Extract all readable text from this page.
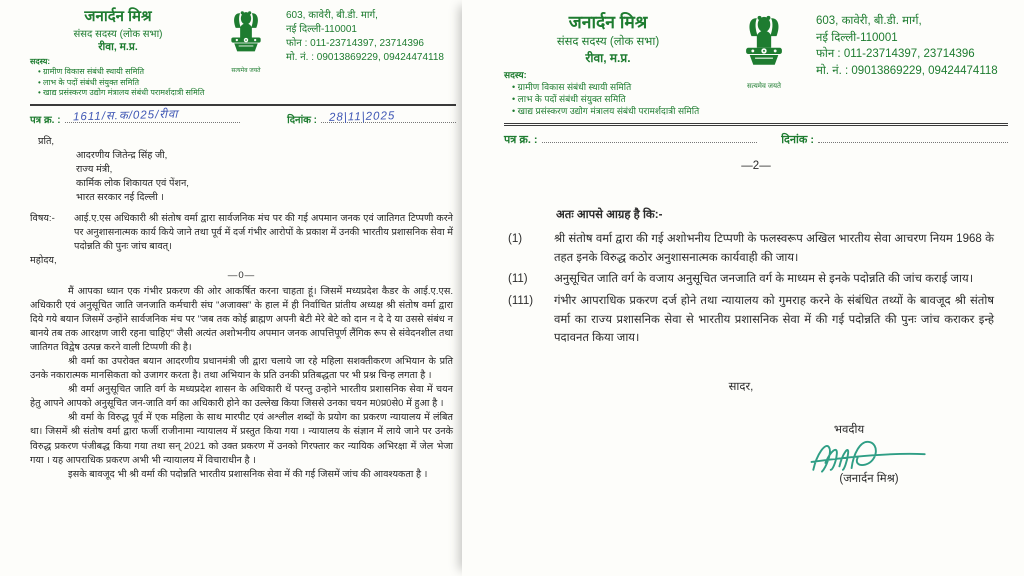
जनार्दन मिश्र
संसद सदस्य (लोक सभा)
रीवा, म.प्र.
सदस्य:
• ग्रामीण विकास संबंधी स्थायी समिति
• लाभ के पदों संबंधी संयुक्त समिति
• खाद्य प्रसंस्करण उद्योग मंत्रालय संबंधी परामर्शदात्री समिति
सत्यमेव जयते
603, कावेरी, बी.डी. मार्ग,
नई दिल्ली-110001
फोन : 011-23714397, 23714396
मो. नं. : 09013869229, 09424474118
पत्र क्र. : 1611/स.क/025/रीवा	दिनांक : 28|11|2025
प्रति,
आदरणीय जितेन्द्र सिंह जी,
राज्य मंत्री,
कार्मिक लोक शिकायत एवं पेंशन,
भारत सरकार नई दिल्ली ।
विषय:-	आई.ए.एस अधिकारी श्री संतोष वर्मा द्वारा सार्वजनिक मंच पर की गई अपमान जनक एवं जातिगत टिप्पणी करने पर अनुशासनात्मक कार्य किये जाने तथा पूर्व में दर्ज गंभीर आरोपों के प्रकाश में उनकी भारतीय प्रशासनिक सेवा में पदोन्नति की पुनः जांच बावत्।
महोदय,
—0—

मैं आपका ध्यान एक गंभीर प्रकरण की ओर आकर्षित करना चाहता हूं। जिसमें मध्यप्रदेश कैडर के आई.ए.एस. अधिकारी एवं अनुसूचित जाति जनजाति कर्मचारी संघ "अजाक्स" के हाल में ही निर्वाचित प्रांतीय अध्यक्ष श्री संतोष वर्मा द्वारा दिये गये बयान जिसमें उन्होंने सार्वजनिक मंच पर "जब तक कोई ब्राह्मण अपनी बेटी मेरे बेटे को दान न दे दे या उससे संबंध न बानये तब तक आरक्षण जारी रहना चाहिए" जैसी अत्यंत अशोभनीय अपमान जनक आपत्तिपूर्ण लैंगिक रूप से संवेदनशील तथा जातिगत विद्वेष उत्पन्न करने वाली टिप्पणी की है।

श्री वर्मा का उपरोक्त बयान आदरणीय प्रधानमंत्री जी द्वारा चलाये जा रहे महिला सशक्तीकरण अभियान के प्रति उनके नकारात्मक मानसिकता को उजागर करता है। तथा अभियान के प्रति उनकी प्रतिबद्धता पर भी प्रश्न चिन्ह लगता है ।

श्री वर्मा अनुसूचित जाति वर्ग के मध्यप्रदेश शासन के अधिकारी थें परन्तु उन्होने भारतीय प्रशासनिक सेवा में चयन हेतु आपने आपको अनुसूचित जन-जाति वर्ग का अधिकारी होने का उल्लेख किया जिससे उनका चयन म0प्र0से0 में हुआ है ।

श्री वर्मा के विरुद्ध पूर्व में एक महिला के साथ मारपीट एवं अश्लील शब्दों के प्रयोग का प्रकरण न्यायालय में लंबित था। जिसमें श्री संतोष वर्मा द्वारा फर्जी राजीनामा न्यायालय में प्रस्तुत किया गया । न्यायालय के संज्ञान में लाये जाने पर उनके विरुद्ध प्रकरण पंजीबद्ध किया गया तथा सन् 2021 को उक्त प्रकरण में उनको गिरफ्तार कर न्यायिक अभिरक्षा में जेल भेजा गया । यह आपराधिक प्रकरण अभी भी न्यायालय में विचाराधीन है ।

इसके बावजूद भी श्री वर्मा की पदोन्नति भारतीय प्रशासनिक सेवा में की गई जिसमें जांच की आवश्यकता है ।

जनार्दन मिश्र
संसद सदस्य (लोक सभा)
रीवा, म.प्र.
सदस्य:
• ग्रामीण विकास संबंधी स्थायी समिति
• लाभ के पदों संबंधी संयुक्त समिति
• खाद्य प्रसंस्करण उद्योग मंत्रालय संबंधी परामर्शदात्री समिति
सत्यमेव जयते
603, कावेरी, बी.डी. मार्ग,
नई दिल्ली-110001
फोन : 011-23714397, 23714396
मो. नं. : 09013869229, 09424474118
पत्र क्र. :	दिनांक :
—2—
अतः आपसे आग्रह है कि:-
(1)	श्री संतोष वर्मा द्वारा की गई अशोभनीय टिप्पणी के फलस्वरूप अखिल भारतीय सेवा आचरण नियम 1968 के तहत इनके विरुद्ध कठोर अनुशासनात्मक कार्यवाही की जाय।
(11)	अनुसूचित जाति वर्ग के वजाय अनुसूचित जनजाति वर्ग के माध्यम से इनके पदोन्नति की जांच कराई जाय।
(111)	गंभीर आपराधिक प्रकरण दर्ज होने तथा न्यायालय को गुमराह करने के संबंधित तथ्यों के बावजूद श्री संतोष वर्मा का राज्य प्रशासनिक सेवा से भारतीय प्रशासनिक सेवा में की गई पदोन्नति की पुनः जांच कराकर इन्हे पदावनत किया जाय।
सादर,
भवदीय
(जनार्दन मिश्र)
